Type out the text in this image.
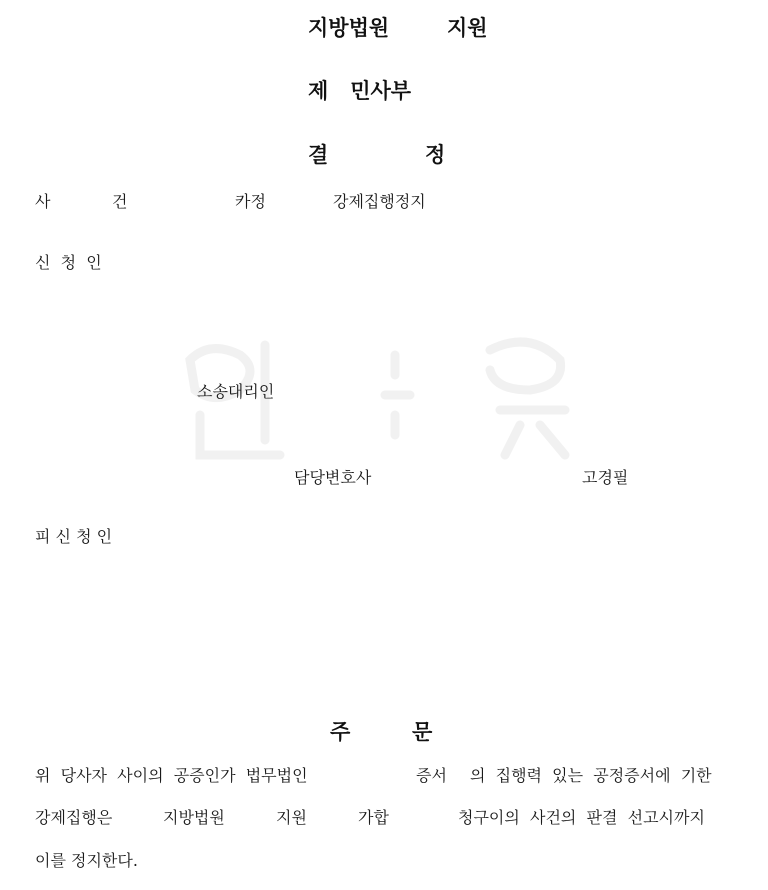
지방법원	지원
제   민사부
결	정
사	건	카정	강제집행정지
신  청  인
소송대리인
담당변호사	고경필
피 신 청 인
주	문
위  당사자  사이의  공증인가  법무법인	증서 의  집행력  있는  공정증서에  기한
강제집행은	지방법원	지원	가합	청구이의  사건의  판결  선고시까지
이를 정지한다.
